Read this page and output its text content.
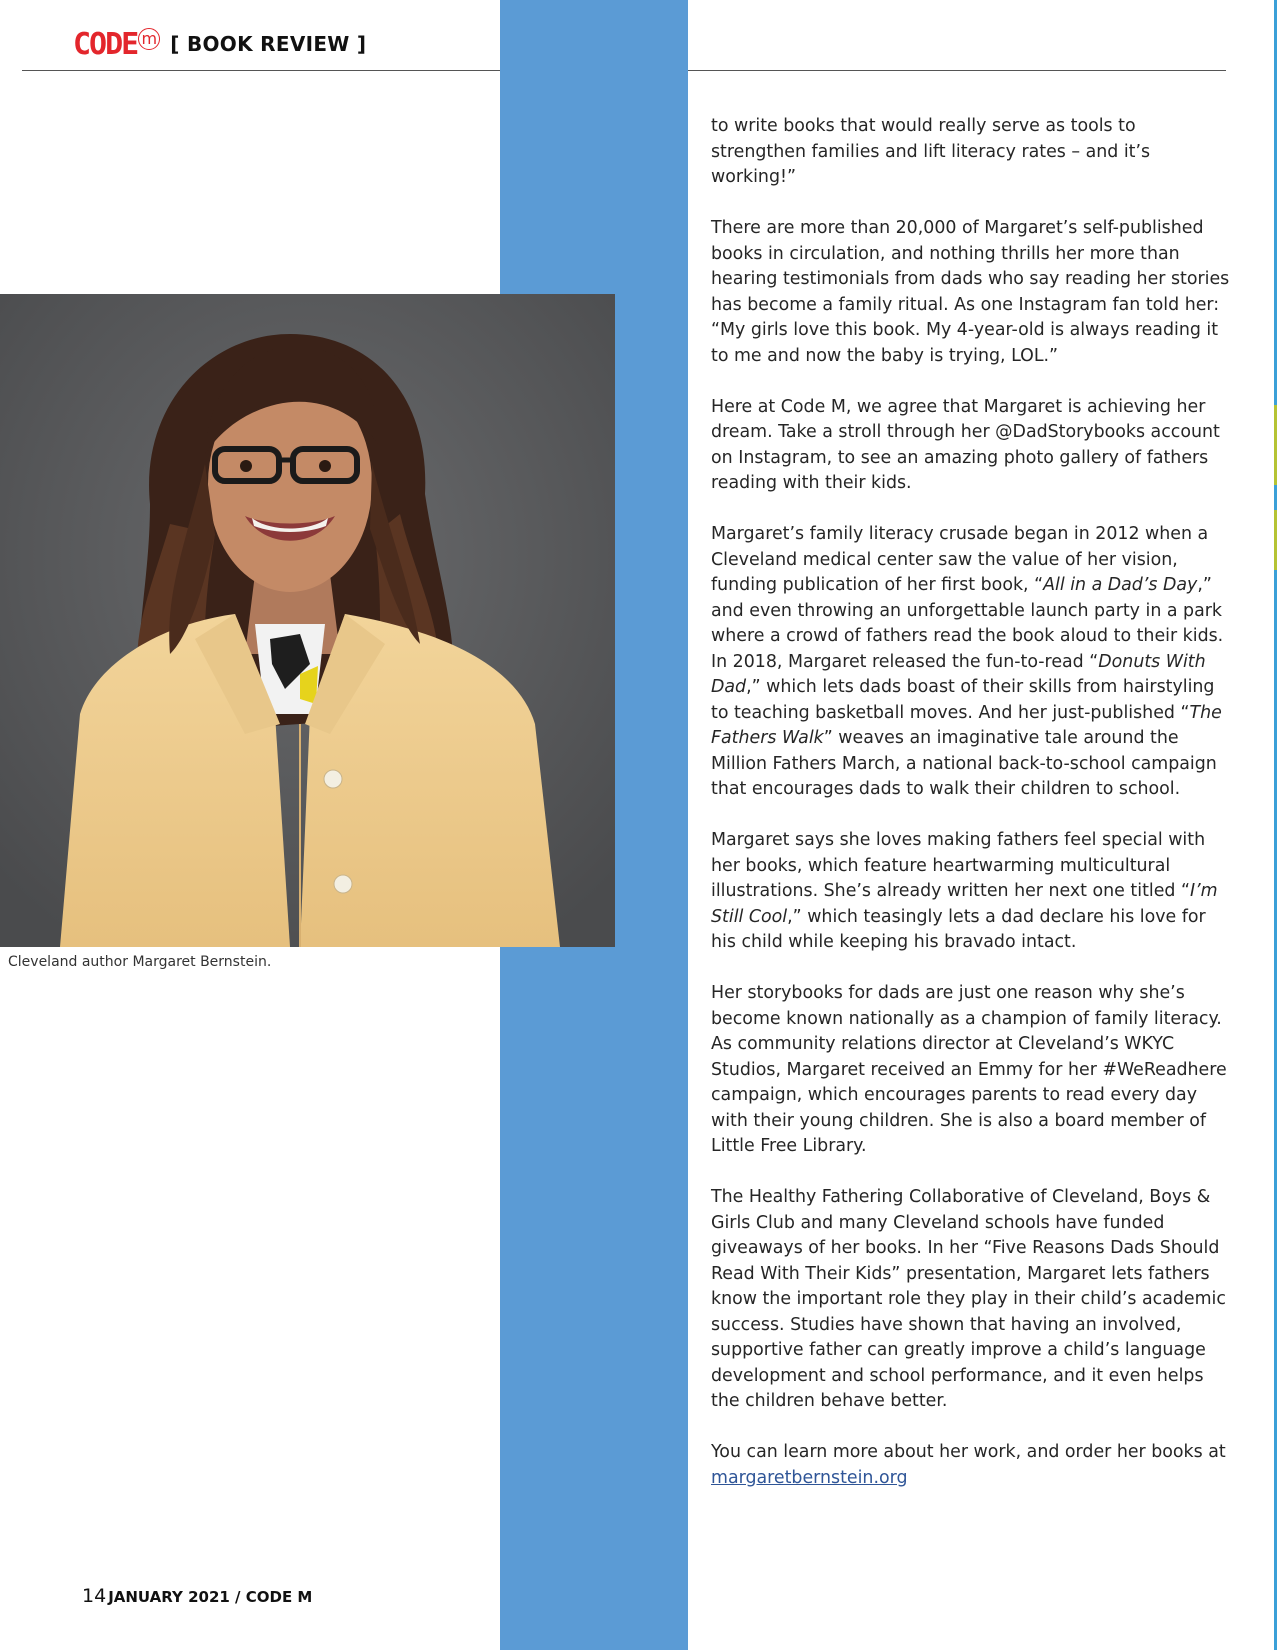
CODE m [ BOOK REVIEW ]
Cleveland author Margaret Bernstein.

to write books that would really serve as tools to strengthen families and lift literacy rates – and it’s working!”

There are more than 20,000 of Margaret’s self-published books in circulation, and nothing thrills her more than hearing testimonials from dads who say reading her stories has become a family ritual. As one Instagram fan told her: “My girls love this book. My 4-year-old is always reading it to me and now the baby is trying, LOL.”

Here at Code M, we agree that Margaret is achieving her dream. Take a stroll through her @DadStorybooks account on Instagram, to see an amazing photo gallery of fathers reading with their kids.

Margaret’s family literacy crusade began in 2012 when a Cleveland medical center saw the value of her vision, funding publication of her first book, “All in a Dad’s Day,” and even throwing an unforgettable launch party in a park where a crowd of fathers read the book aloud to their kids. In 2018, Margaret released the fun-to-read “Donuts With Dad,” which lets dads boast of their skills from hairstyling to teaching basketball moves. And her just-published “The Fathers Walk” weaves an imaginative tale around the Million Fathers March, a national back-to-school campaign that encourages dads to walk their children to school.

Margaret says she loves making fathers feel special with her books, which feature heartwarming multicultural illustrations. She’s already written her next one titled “I’m Still Cool,” which teasingly lets a dad declare his love for his child while keeping his bravado intact.

Her storybooks for dads are just one reason why she’s become known nationally as a champion of family literacy. As community relations director at Cleveland’s WKYC Studios, Margaret received an Emmy for her #WeReadhere campaign, which encourages parents to read every day with their young children. She is also a board member of Little Free Library.

The Healthy Fathering Collaborative of Cleveland, Boys & Girls Club and many Cleveland schools have funded giveaways of her books. In her “Five Reasons Dads Should Read With Their Kids” presentation, Margaret lets fathers know the important role they play in their child’s academic success. Studies have shown that having an involved, supportive father can greatly improve a child’s language development and school performance, and it even helps the children behave better.

You can learn more about her work, and order her books at margaretbernstein.org

14 JANUARY 2021 / CODE M
